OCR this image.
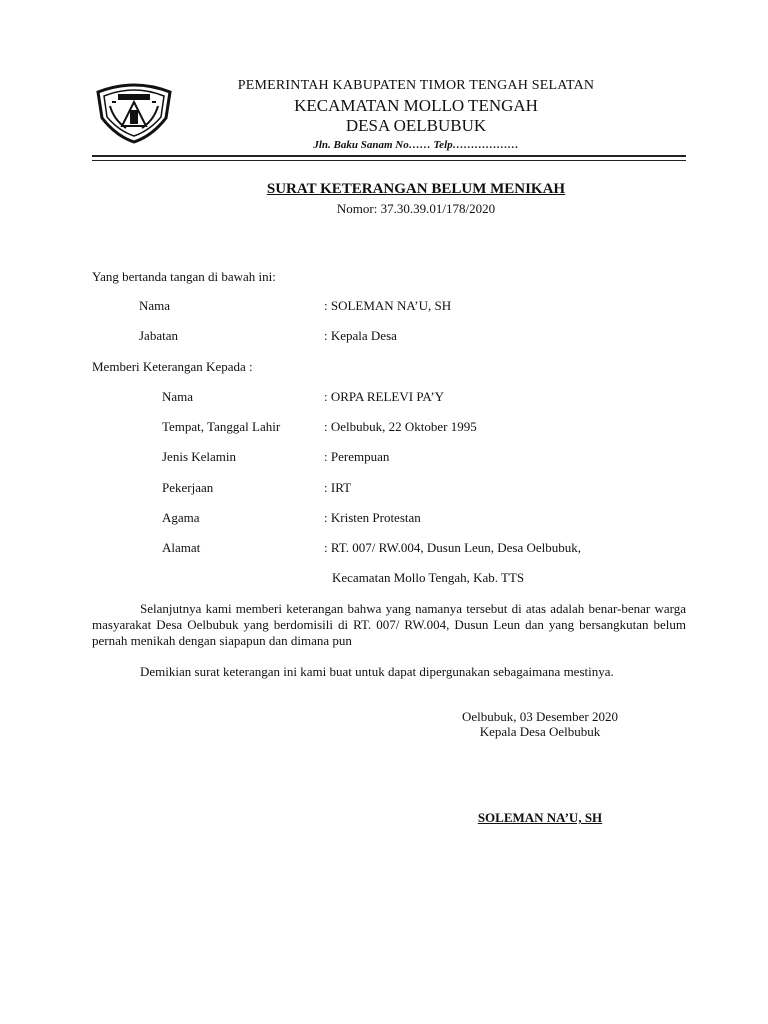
PEMERINTAH KABUPATEN TIMOR TENGAH SELATAN
KECAMATAN MOLLO TENGAH
DESA OELBUBUK
Jln. Baku Sanam No…… Telp………………
SURAT KETERANGAN BELUM MENIKAH
Nomor: 37.30.39.01/178/2020
Yang bertanda tangan di bawah ini:
Nama	: SOLEMAN NA’U, SH
Jabatan	: Kepala Desa
Memberi Keterangan Kepada :
Nama	: ORPA RELEVI PA’Y
Tempat, Tanggal Lahir	: Oelbubuk, 22 Oktober 1995
Jenis Kelamin	: Perempuan
Pekerjaan	: IRT
Agama	: Kristen Protestan
Alamat	: RT. 007/ RW.004, Dusun Leun, Desa Oelbubuk,
Kecamatan Mollo Tengah, Kab. TTS

Selanjutnya kami memberi keterangan bahwa yang namanya tersebut di atas adalah benar-benar warga masyarakat Desa Oelbubuk yang berdomisili di RT. 007/ RW.004, Dusun Leun dan yang bersangkutan belum pernah menikah dengan siapapun dan dimana pun

Demikian surat keterangan ini kami buat untuk dapat dipergunakan sebagaimana mestinya.

Oelbubuk, 03 Desember 2020
Kepala Desa Oelbubuk
SOLEMAN NA’U, SH
